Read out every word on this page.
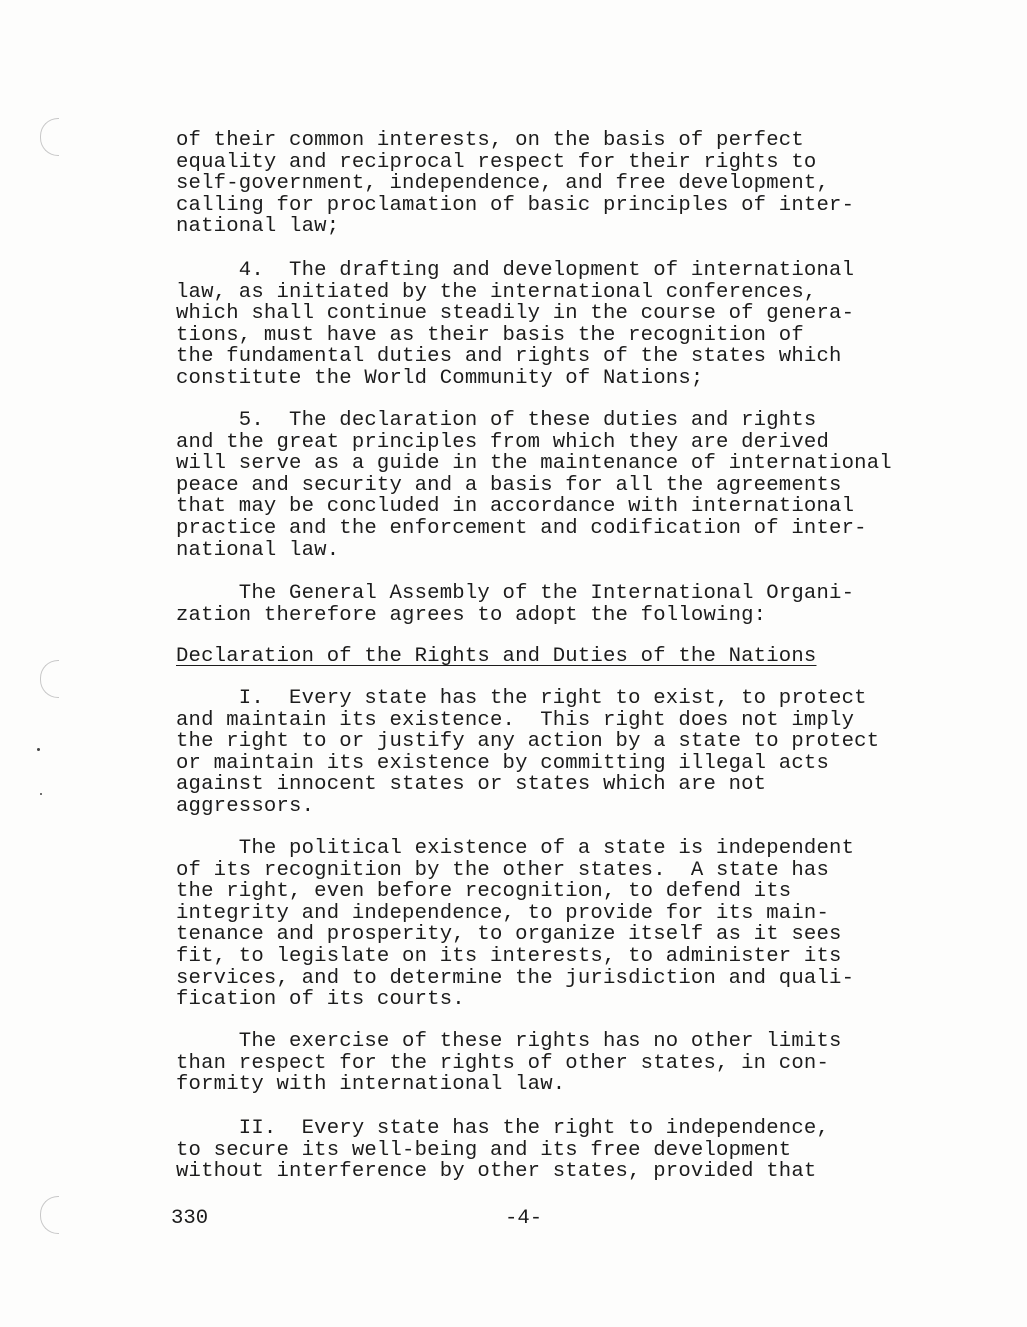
of their common interests, on the basis of perfect
equality and reciprocal respect for their rights to
self-government, independence, and free development,
calling for proclamation of basic principles of inter-
national law;
4.  The drafting and development of international
law, as initiated by the international conferences,
which shall continue steadily in the course of genera-
tions, must have as their basis the recognition of
the fundamental duties and rights of the states which
constitute the World Community of Nations;
5.  The declaration of these duties and rights
and the great principles from which they are derived
will serve as a guide in the maintenance of international
peace and security and a basis for all the agreements
that may be concluded in accordance with international
practice and the enforcement and codification of inter-
national law.
The General Assembly of the International Organi-
zation therefore agrees to adopt the following:
Declaration of the Rights and Duties of the Nations
I.  Every state has the right to exist, to protect
and maintain its existence.  This right does not imply
the right to or justify any action by a state to protect
or maintain its existence by committing illegal acts
against innocent states or states which are not
aggressors.
The political existence of a state is independent
of its recognition by the other states.  A state has
the right, even before recognition, to defend its
integrity and independence, to provide for its main-
tenance and prosperity, to organize itself as it sees
fit, to legislate on its interests, to administer its
services, and to determine the jurisdiction and quali-
fication of its courts.
The exercise of these rights has no other limits
than respect for the rights of other states, in con-
formity with international law.
II.  Every state has the right to independence,
to secure its well-being and its free development
without interference by other states, provided that
330	-4-
